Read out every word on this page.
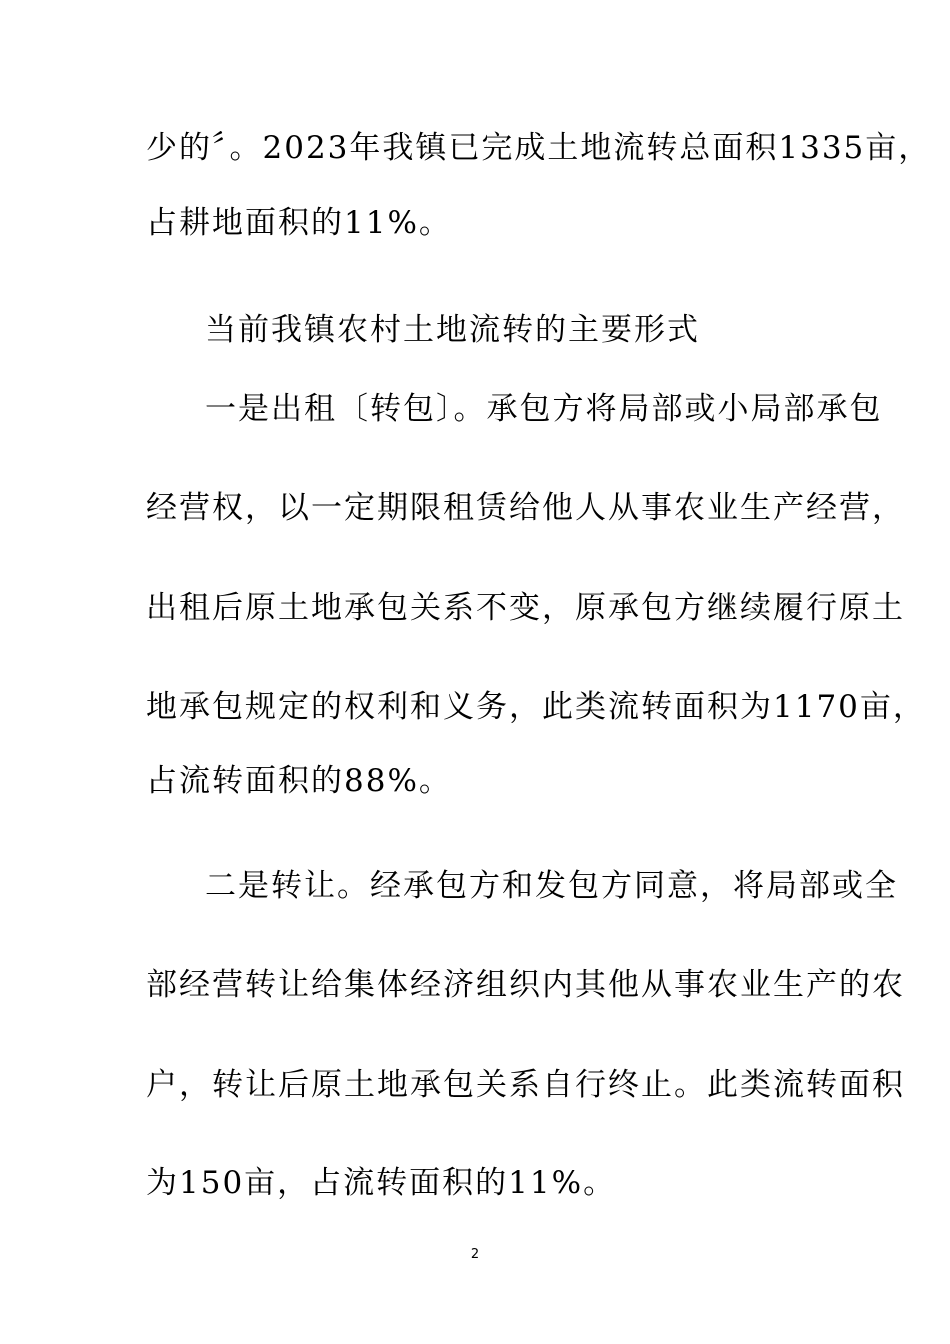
少的〞。2023年我镇已完成土地流转总面积1335亩，
占耕地面积的11%。
当前我镇农村土地流转的主要形式
一是出租〔转包〕。承包方将局部或小局部承包
经营权，以一定期限租赁给他人从事农业生产经营，
出租后原土地承包关系不变，原承包方继续履行原土
地承包规定的权利和义务，此类流转面积为1170亩，
占流转面积的88%。
二是转让。经承包方和发包方同意，将局部或全
部经营转让给集体经济组织内其他从事农业生产的农
户，转让后原土地承包关系自行终止。此类流转面积
为150亩，占流转面积的11%。
2
